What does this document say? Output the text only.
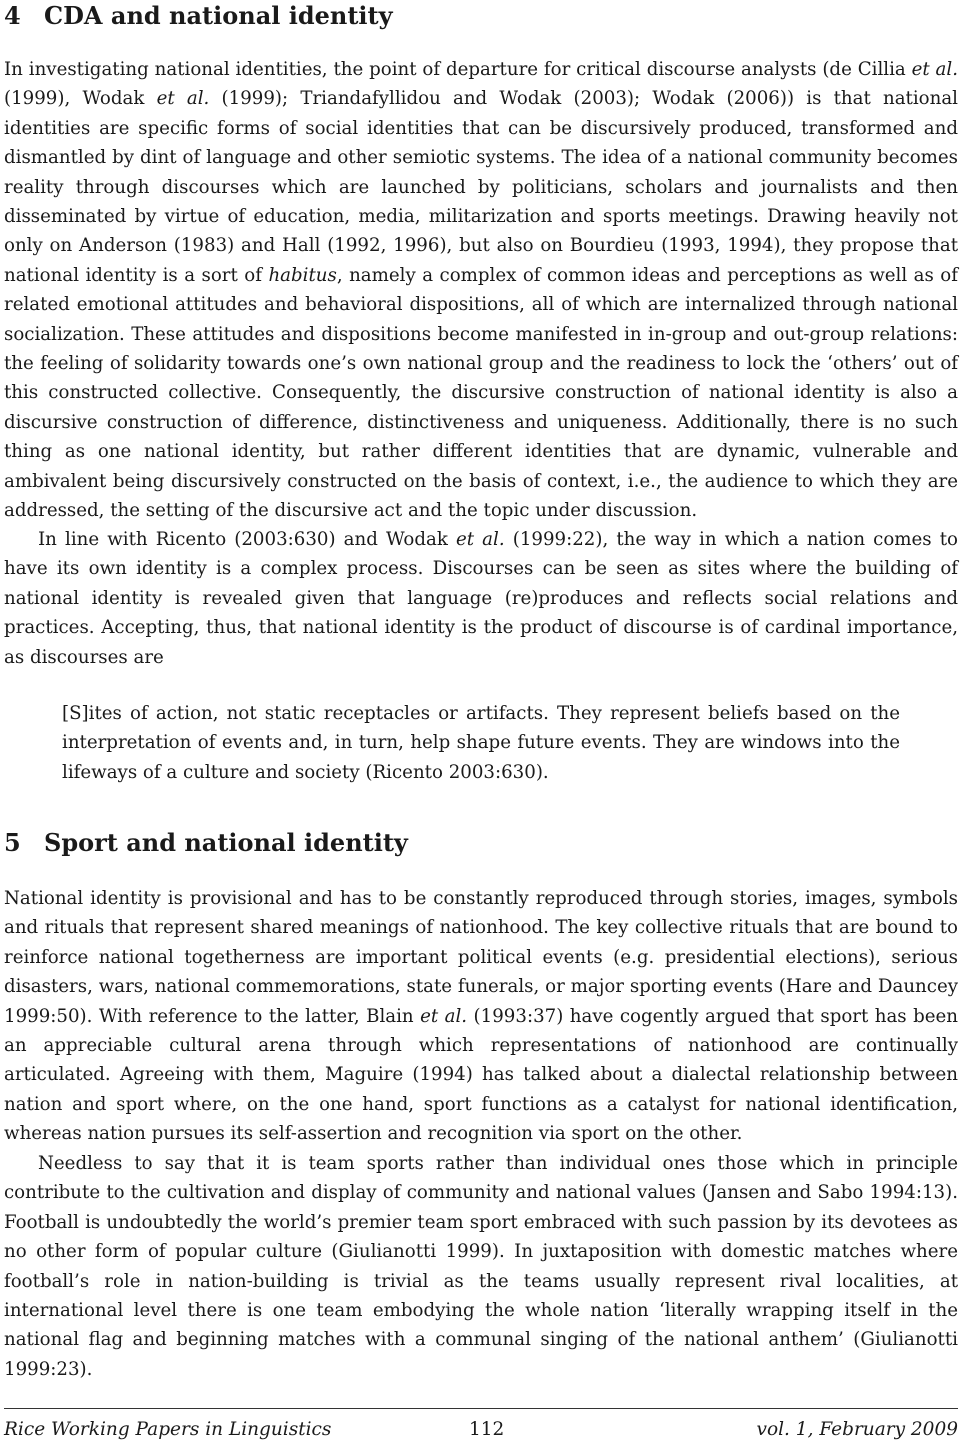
4 CDA and national identity

In investigating national identities, the point of departure for critical discourse analysts (de Cillia et al. (1999), Wodak et al. (1999); Triandafyllidou and Wodak (2003); Wodak (2006)) is that national identities are specific forms of social identities that can be discursively produced, transformed and dismantled by dint of language and other semiotic systems. The idea of a national community becomes reality through discourses which are launched by politicians, scholars and journalists and then disseminated by virtue of education, media, militarization and sports meetings. Drawing heavily not only on Anderson (1983) and Hall (1992, 1996), but also on Bourdieu (1993, 1994), they propose that national identity is a sort of habitus, namely a complex of common ideas and perceptions as well as of related emotional attitudes and behavioral dispositions, all of which are internalized through national socialization. These attitudes and dispositions become manifested in in-group and out-group relations: the feeling of solidarity towards one’s own national group and the readiness to lock the ‘others’ out of this constructed collective. Consequently, the discursive construction of national identity is also a discursive construction of difference, distinctiveness and uniqueness. Additionally, there is no such thing as one national identity, but rather different identities that are dynamic, vulnerable and ambivalent being discursively constructed on the basis of context, i.e., the audience to which they are addressed, the setting of the discursive act and the topic under discussion.

In line with Ricento (2003:630) and Wodak et al. (1999:22), the way in which a nation comes to have its own identity is a complex process. Discourses can be seen as sites where the building of national identity is revealed given that language (re)produces and reflects social relations and practices. Accepting, thus, that national identity is the product of discourse is of cardinal importance, as discourses are

[S]ites of action, not static receptacles or artifacts. They represent beliefs based on the interpretation of events and, in turn, help shape future events. They are windows into the lifeways of a culture and society (Ricento 2003:630).
5 Sport and national identity

National identity is provisional and has to be constantly reproduced through stories, images, symbols and rituals that represent shared meanings of nationhood. The key collective rituals that are bound to reinforce national togetherness are important political events (e.g. presidential elections), serious disasters, wars, national commemorations, state funerals, or major sporting events (Hare and Dauncey 1999:50). With reference to the latter, Blain et al. (1993:37) have cogently argued that sport has been an appreciable cultural arena through which representations of nationhood are continually articulated. Agreeing with them, Maguire (1994) has talked about a dialectal relationship between nation and sport where, on the one hand, sport functions as a catalyst for national identification, whereas nation pursues its self-assertion and recognition via sport on the other.

Needless to say that it is team sports rather than individual ones those which in principle contribute to the cultivation and display of community and national values (Jansen and Sabo 1994:13). Football is undoubtedly the world’s premier team sport embraced with such passion by its devotees as no other form of popular culture (Giulianotti 1999). In juxtaposition with domestic matches where football’s role in nation-building is trivial as the teams usually represent rival localities, at international level there is one team embodying the whole nation ‘literally wrapping itself in the national flag and beginning matches with a communal singing of the national anthem’ (Giulianotti 1999:23).

Rice Working Papers in Linguistics	112	vol. 1, February 2009
